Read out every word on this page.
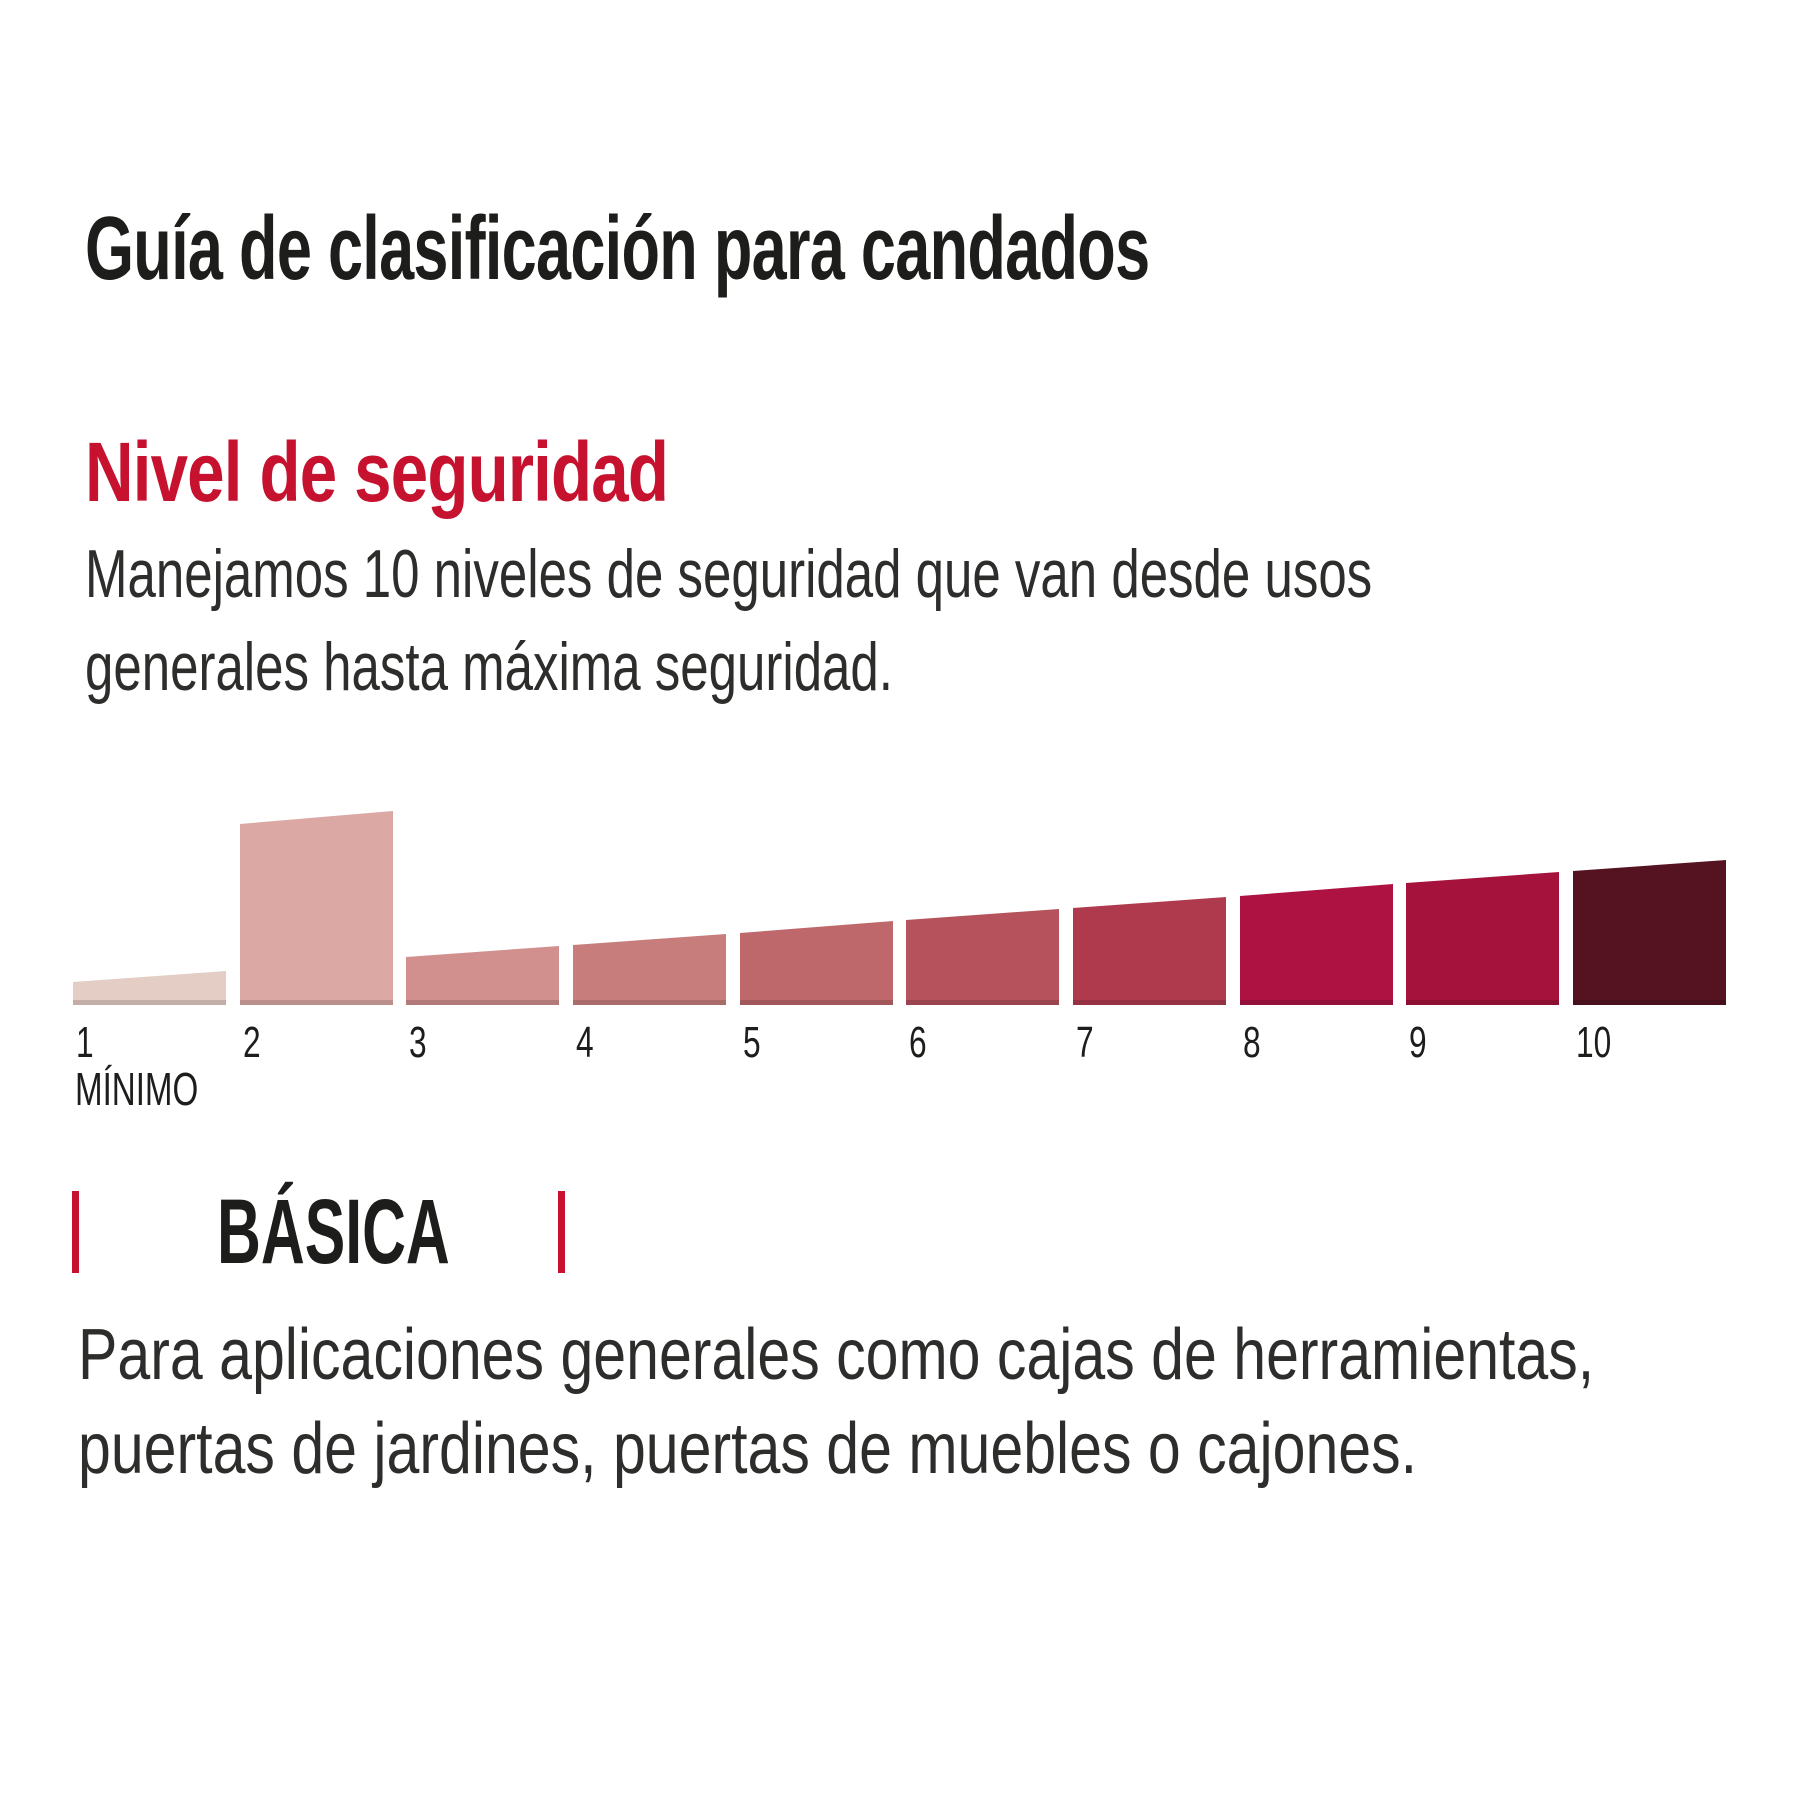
Guía de clasificación para candados
Nivel de seguridad
Manejamos 10 niveles de seguridad que van desde usos
generales hasta máxima seguridad.
1	2	3	4	5	6	7	8	9	10
MÍNIMO
BÁSICA
Para aplicaciones generales como cajas de herramientas,
puertas de jardines, puertas de muebles o cajones.
